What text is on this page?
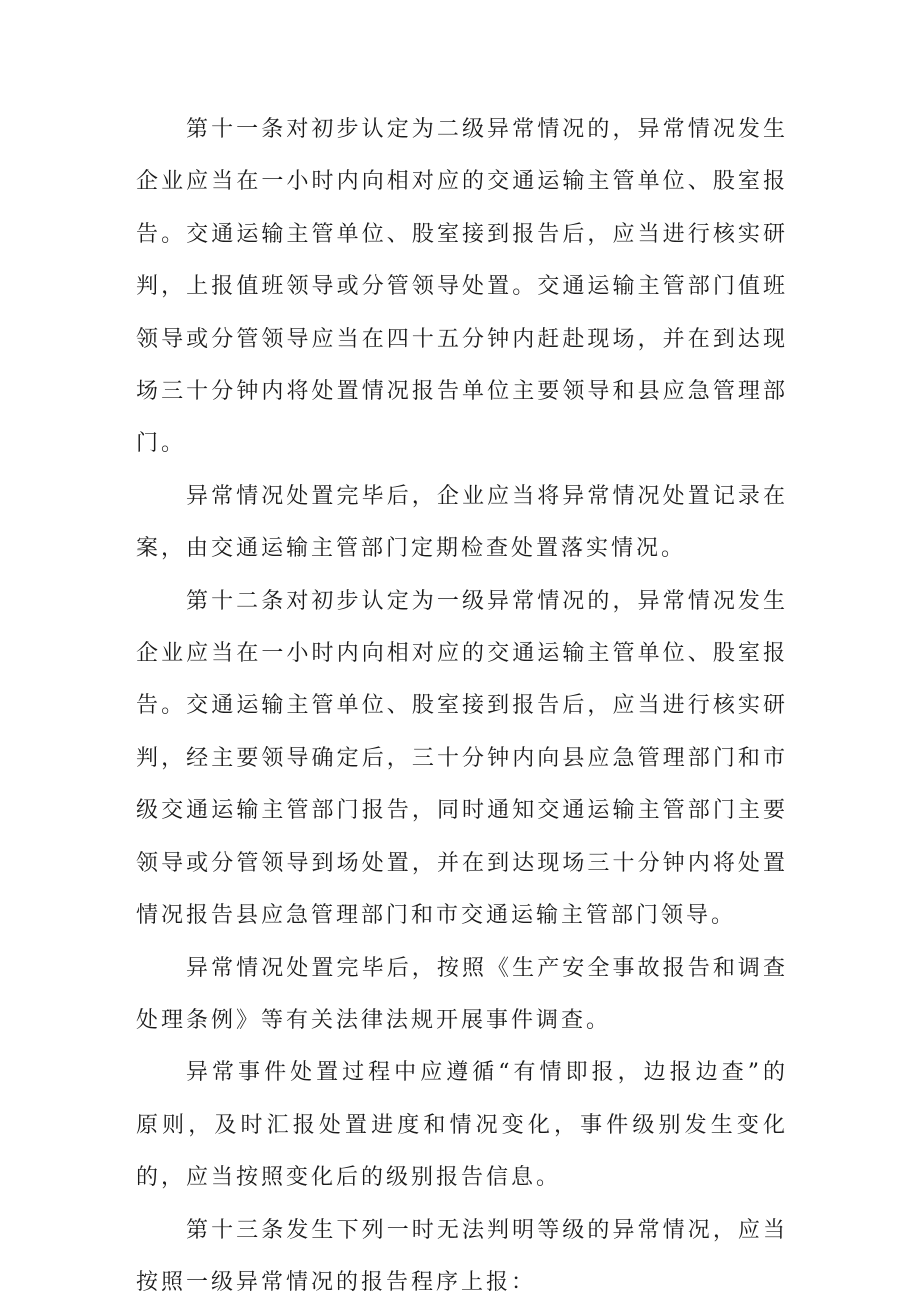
第十一条对初步认定为二级异常情况的，异常情况发生企业应当在一小时内向相对应的交通运输主管单位、股室报告。交通运输主管单位、股室接到报告后，应当进行核实研判，上报值班领导或分管领导处置。交通运输主管部门值班领导或分管领导应当在四十五分钟内赶赴现场，并在到达现场三十分钟内将处置情况报告单位主要领导和县应急管理部门。

异常情况处置完毕后，企业应当将异常情况处置记录在案，由交通运输主管部门定期检查处置落实情况。

第十二条对初步认定为一级异常情况的，异常情况发生企业应当在一小时内向相对应的交通运输主管单位、股室报告。交通运输主管单位、股室接到报告后，应当进行核实研判，经主要领导确定后，三十分钟内向县应急管理部门和市级交通运输主管部门报告，同时通知交通运输主管部门主要领导或分管领导到场处置，并在到达现场三十分钟内将处置情况报告县应急管理部门和市交通运输主管部门领导。

异常情况处置完毕后，按照《生产安全事故报告和调查处理条例》等有关法律法规开展事件调查。

异常事件处置过程中应遵循“有情即报，边报边查”的原则，及时汇报处置进度和情况变化，事件级别发生变化的，应当按照变化后的级别报告信息。

第十三条发生下列一时无法判明等级的异常情况，应当按照一级异常情况的报告程序上报：
